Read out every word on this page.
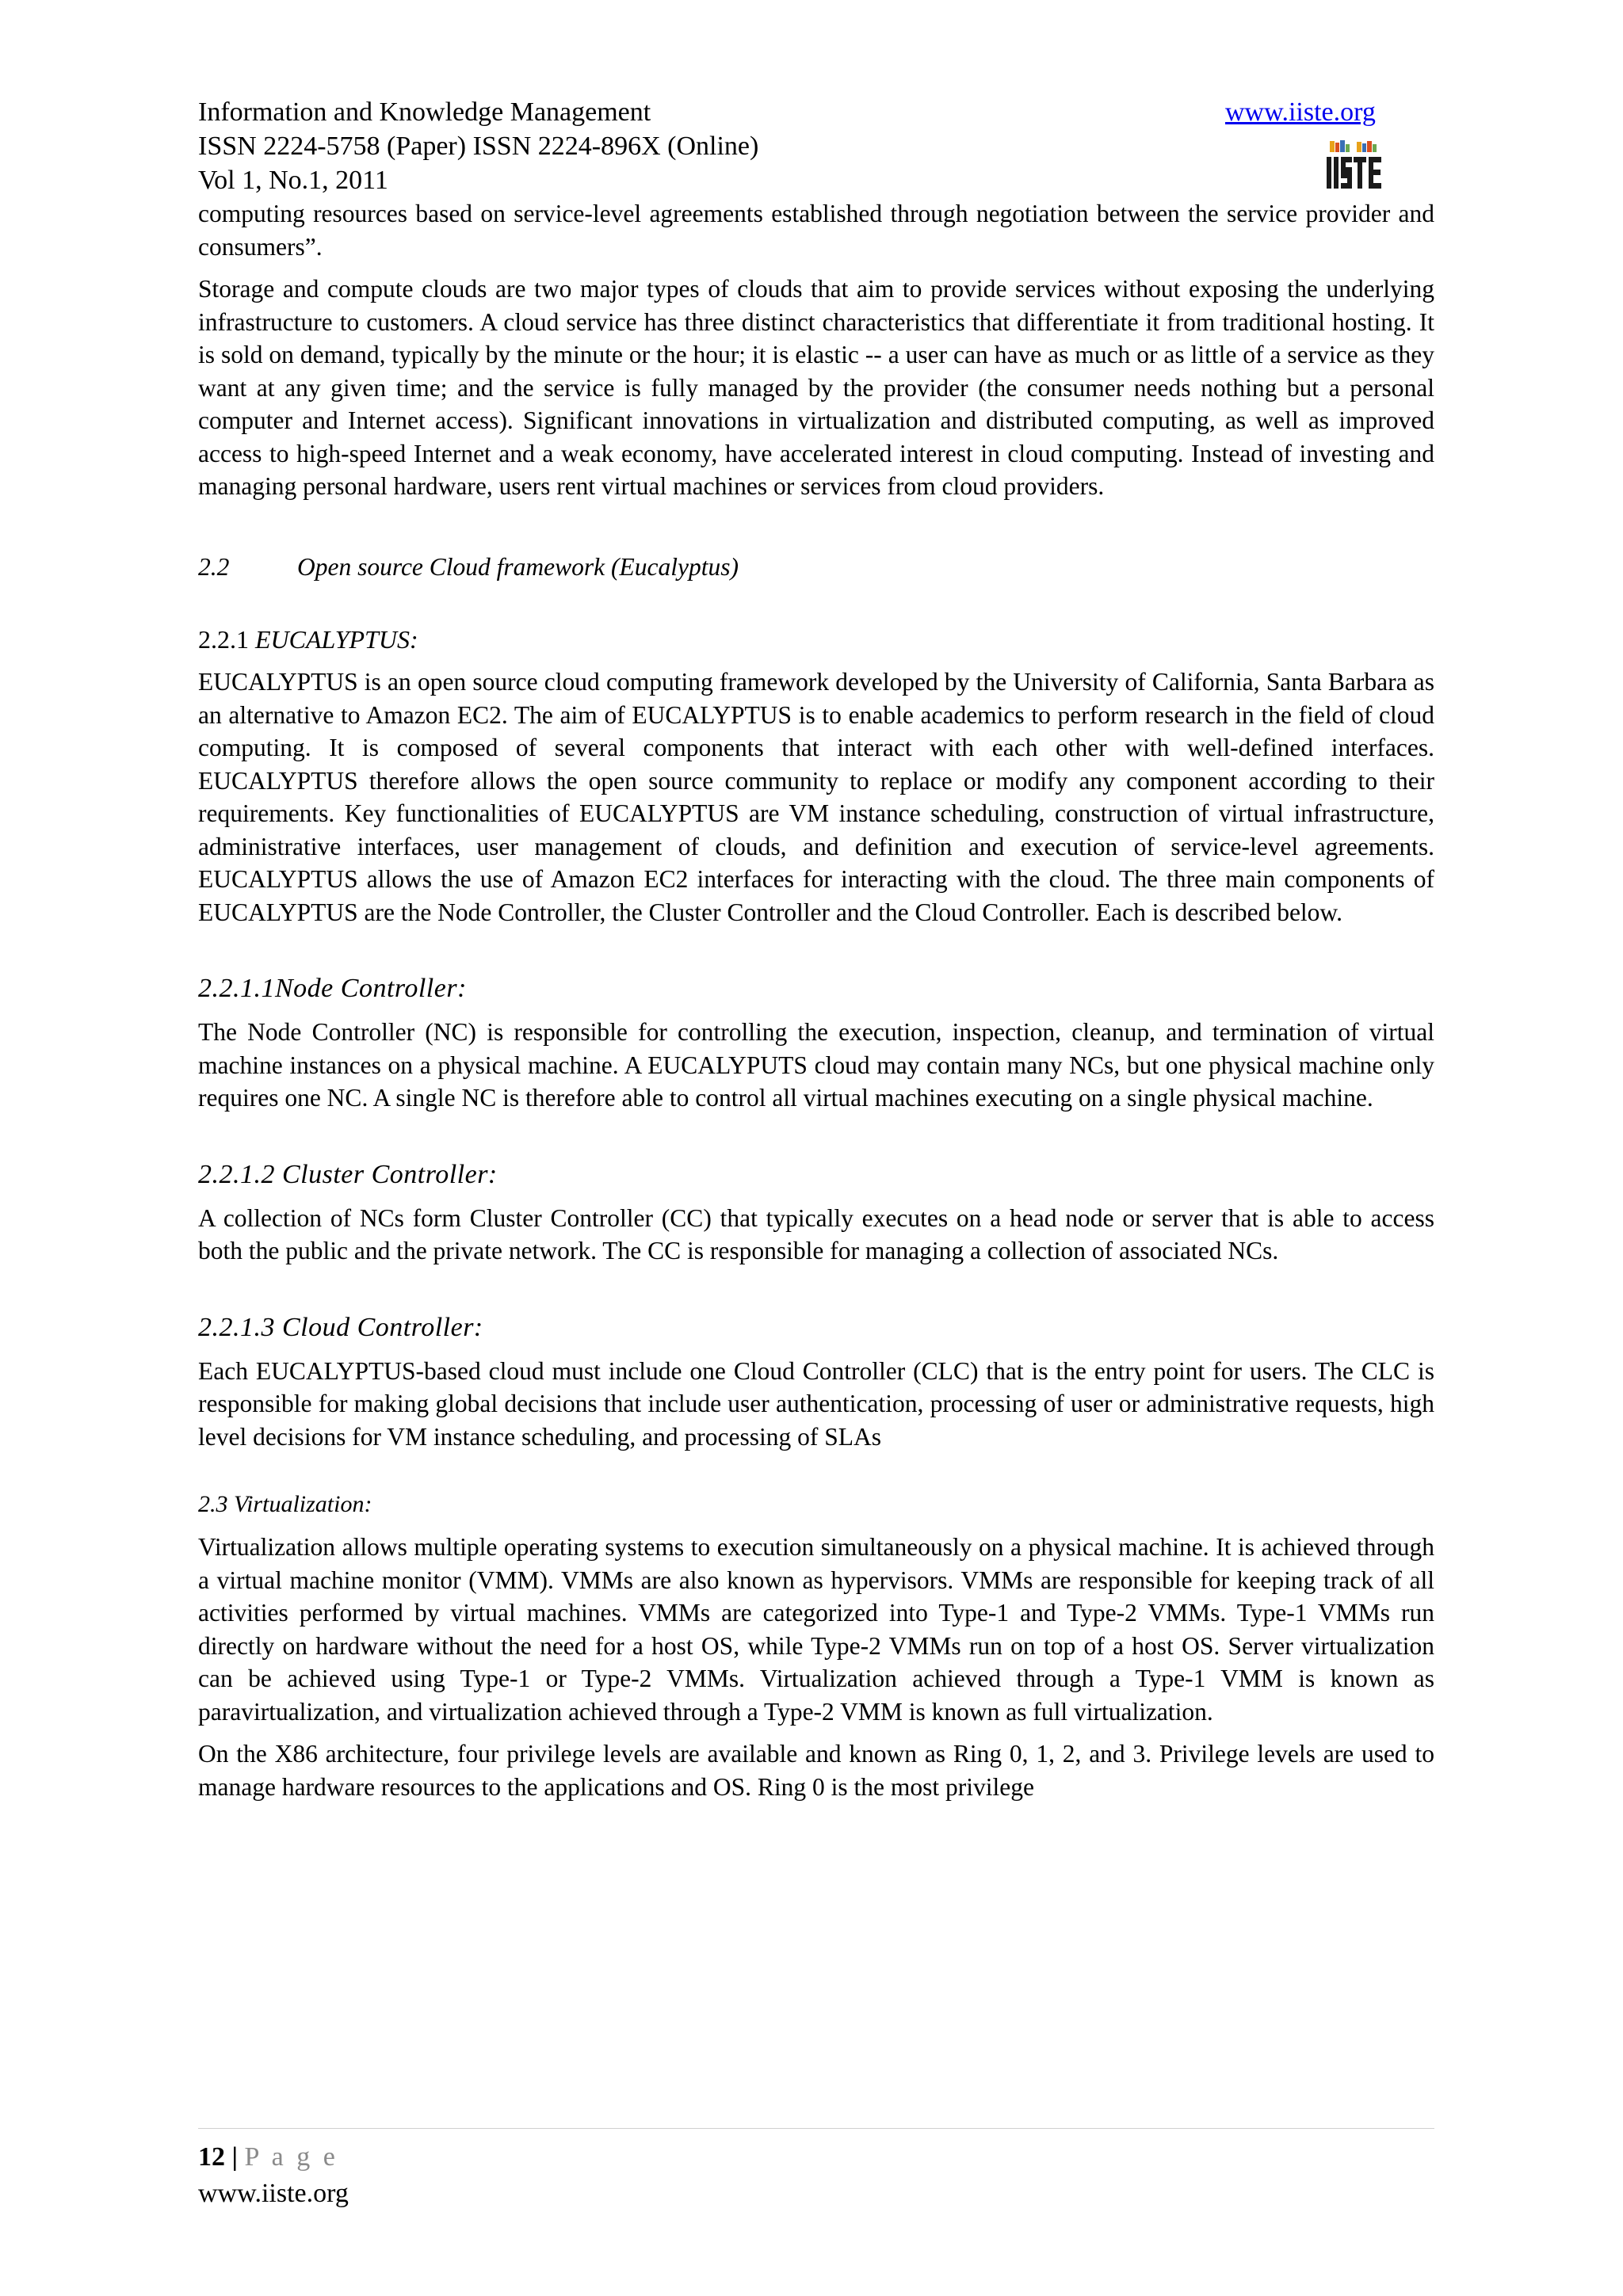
Information and Knowledge Management
ISSN 2224-5758 (Paper) ISSN 2224-896X (Online)
Vol 1, No.1, 2011
www.iiste.org

computing resources based on service-level agreements established through negotiation between the service provider and consumers”.

Storage and compute clouds are two major types of clouds that aim to provide services without exposing the underlying infrastructure to customers. A cloud service has three distinct characteristics that differentiate it from traditional hosting. It is sold on demand, typically by the minute or the hour; it is elastic -- a user can have as much or as little of a service as they want at any given time; and the service is fully managed by the provider (the consumer needs nothing but a personal computer and Internet access). Significant innovations in virtualization and distributed computing, as well as improved access to high-speed Internet and a weak economy, have accelerated interest in cloud computing. Instead of investing and managing personal hardware, users rent virtual machines or services from cloud providers.

2.2	Open source Cloud framework (Eucalyptus)

2.2.1 EUCALYPTUS:

EUCALYPTUS is an open source cloud computing framework developed by the University of California, Santa Barbara as an alternative to Amazon EC2. The aim of EUCALYPTUS is to enable academics to perform research in the field of cloud computing. It is composed of several components that interact with each other with well-defined interfaces. EUCALYPTUS therefore allows the open source community to replace or modify any component according to their requirements. Key functionalities of EUCALYPTUS are VM instance scheduling, construction of virtual infrastructure, administrative interfaces, user management of clouds, and definition and execution of service-level agreements. EUCALYPTUS allows the use of Amazon EC2 interfaces for interacting with the cloud. The three main components of EUCALYPTUS are the Node Controller, the Cluster Controller and the Cloud Controller. Each is described below.

2.2.1.1Node Controller:

The Node Controller (NC) is responsible for controlling the execution, inspection, cleanup, and termination of virtual machine instances on a physical machine. A EUCALYPUTS cloud may contain many NCs, but one physical machine only requires one NC. A single NC is therefore able to control all virtual machines executing on a single physical machine.

2.2.1.2 Cluster Controller:

A collection of NCs form Cluster Controller (CC) that typically executes on a head node or server that is able to access both the public and the private network. The CC is responsible for managing a collection of associated NCs.

2.2.1.3 Cloud Controller:

Each EUCALYPTUS-based cloud must include one Cloud Controller (CLC) that is the entry point for users. The CLC is responsible for making global decisions that include user authentication, processing of user or administrative requests, high level decisions for VM instance scheduling, and processing of SLAs

2.3 Virtualization:

Virtualization allows multiple operating systems to execution simultaneously on a physical machine. It is achieved through a virtual machine monitor (VMM). VMMs are also known as hypervisors. VMMs are responsible for keeping track of all activities performed by virtual machines. VMMs are categorized into Type-1 and Type-2 VMMs. Type-1 VMMs run directly on hardware without the need for a host OS, while Type-2 VMMs run on top of a host OS. Server virtualization can be achieved using Type-1 or Type-2 VMMs. Virtualization achieved through a Type-1 VMM is known as paravirtualization, and virtualization achieved through a Type-2 VMM is known as full virtualization.

On the X86 architecture, four privilege levels are available and known as Ring 0, 1, 2, and 3. Privilege levels are used to manage hardware resources to the applications and OS. Ring 0 is the most privilege

12 | P a g e
www.iiste.org
